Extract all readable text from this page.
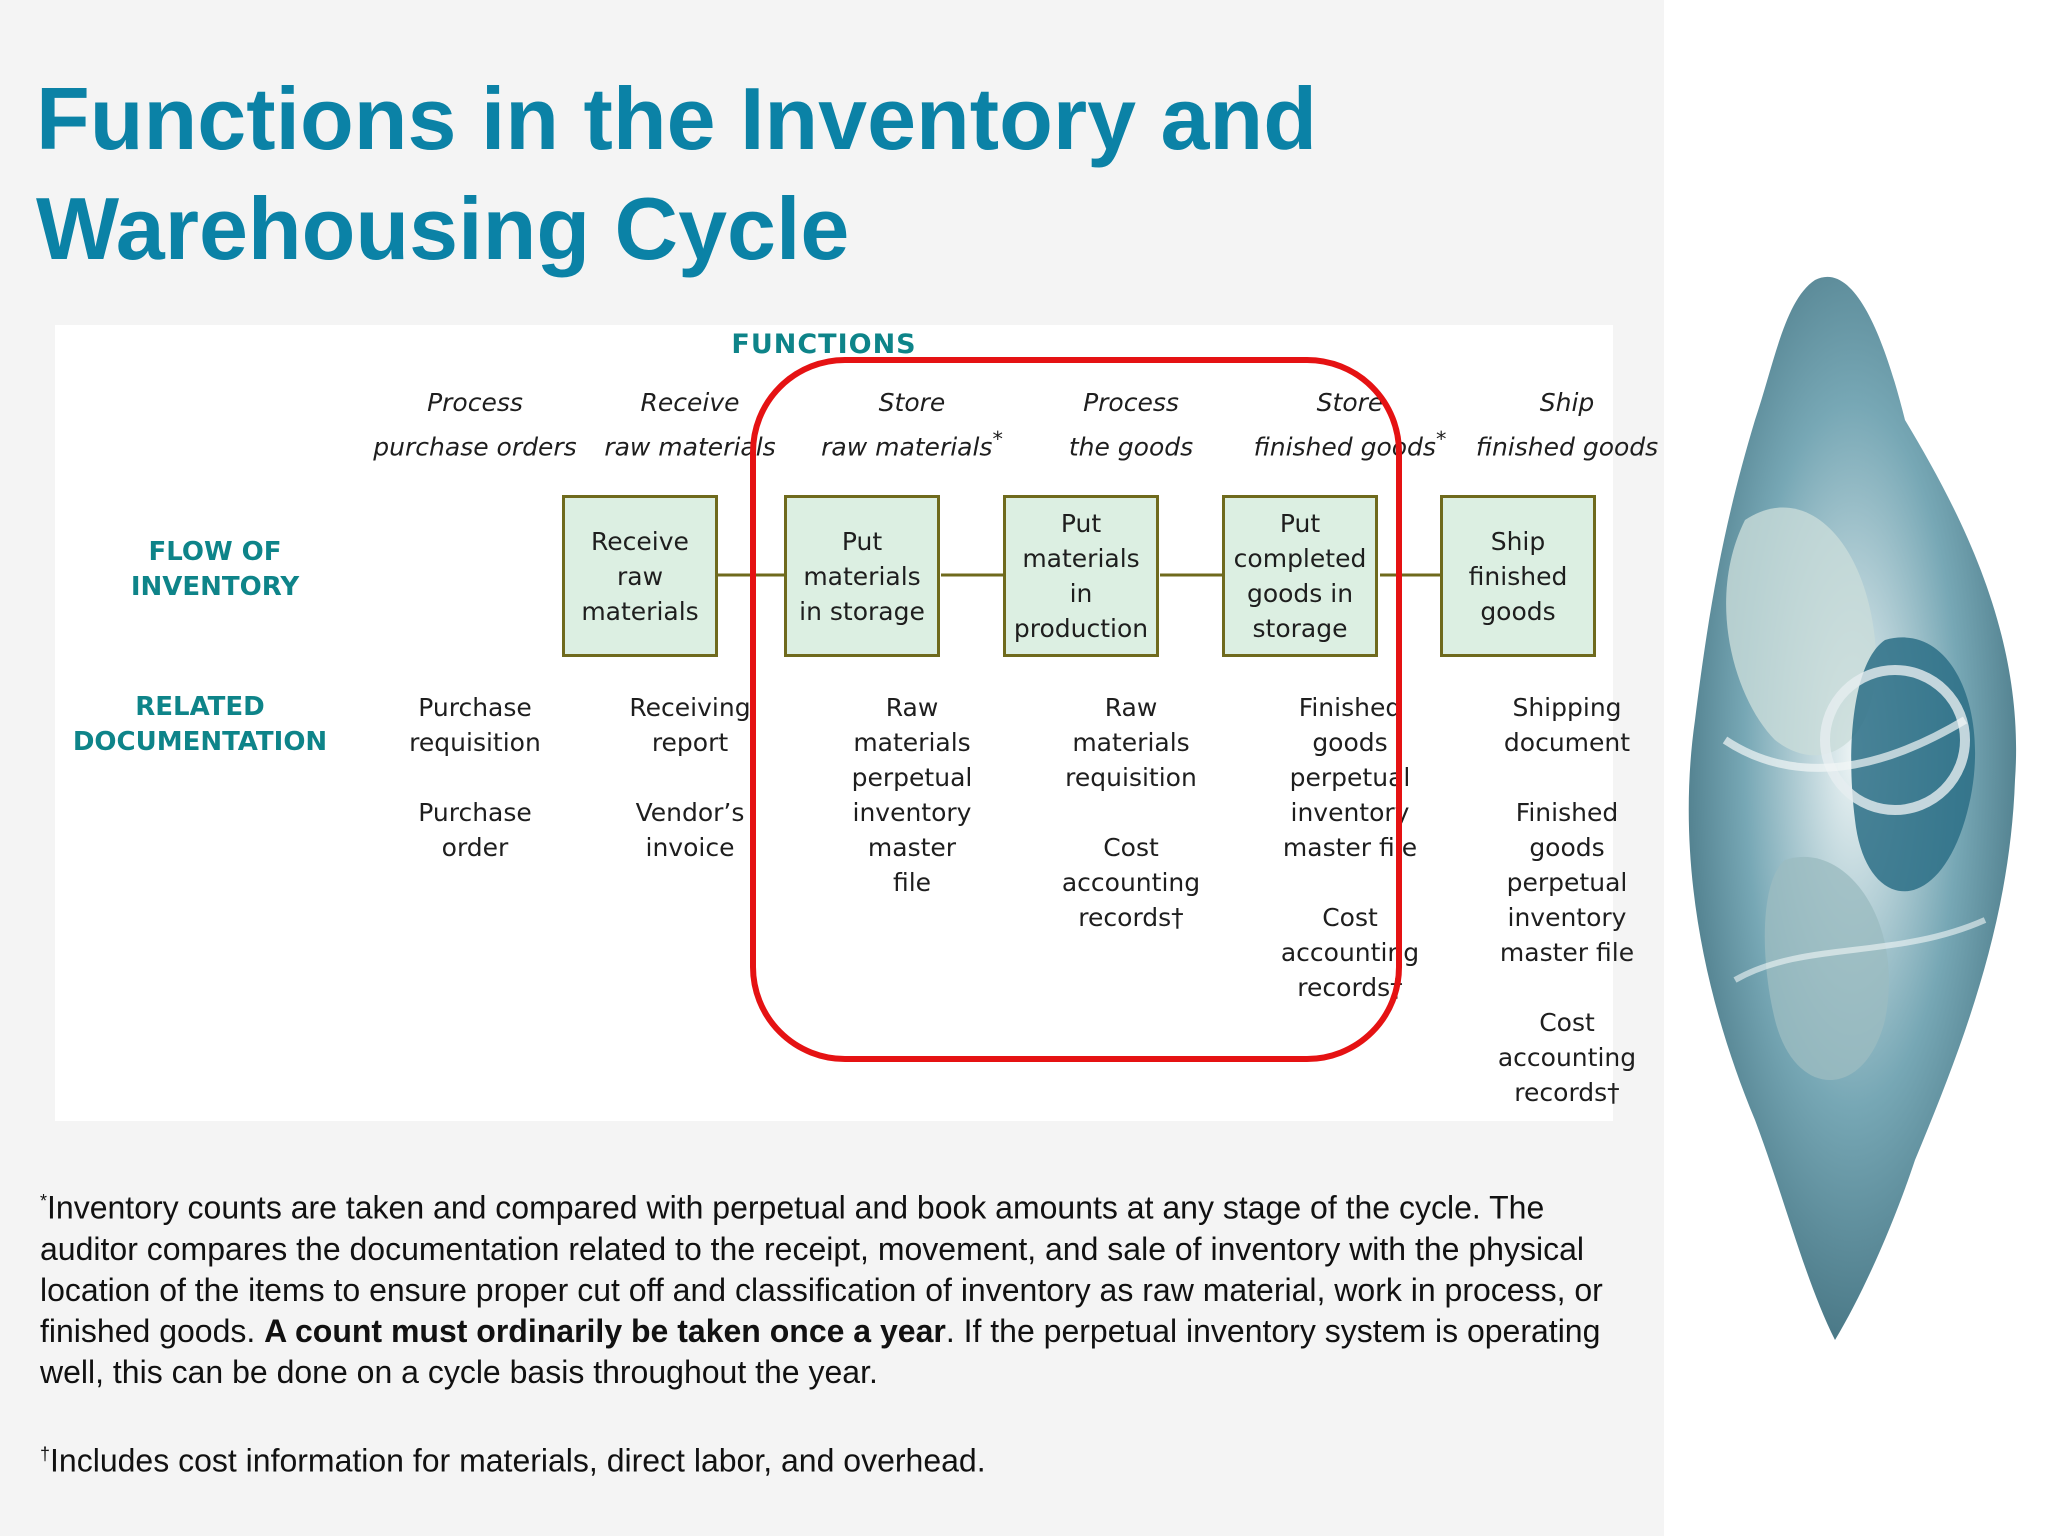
Functions in the Inventory and Warehousing Cycle
FUNCTIONS
FLOW OF
INVENTORY
RELATED
DOCUMENTATION
Process
purchase orders
Receive
raw materials
Store
raw materials*
Process
the goods
Store
finished goods*
Ship
finished goods
Receive
raw
materials
Put
materials
in storage
Put
materials
in
production
Put
completed
goods in
storage
Ship
finished
goods

Purchase
requisition

Purchase
order

Receiving
report

Vendor’s
invoice

Raw
materials
perpetual
inventory
master
file

Raw
materials
requisition

Cost
accounting
records†

Finished
goods
perpetual
inventory
master file

Cost
accounting
records†

Shipping
document

Finished
goods
perpetual
inventory
master file

Cost
accounting
records†

*Inventory counts are taken and compared with perpetual and book amounts at any stage of the cycle. The auditor compares the documentation related to the receipt, movement, and sale of inventory with the physical location of the items to ensure proper cut off and classification of inventory as raw material, work in process, or finished goods. A count must ordinarily be taken once a year. If the perpetual inventory system is operating well, this can be done on a cycle basis throughout the year.

†Includes cost information for materials, direct labor, and overhead.
